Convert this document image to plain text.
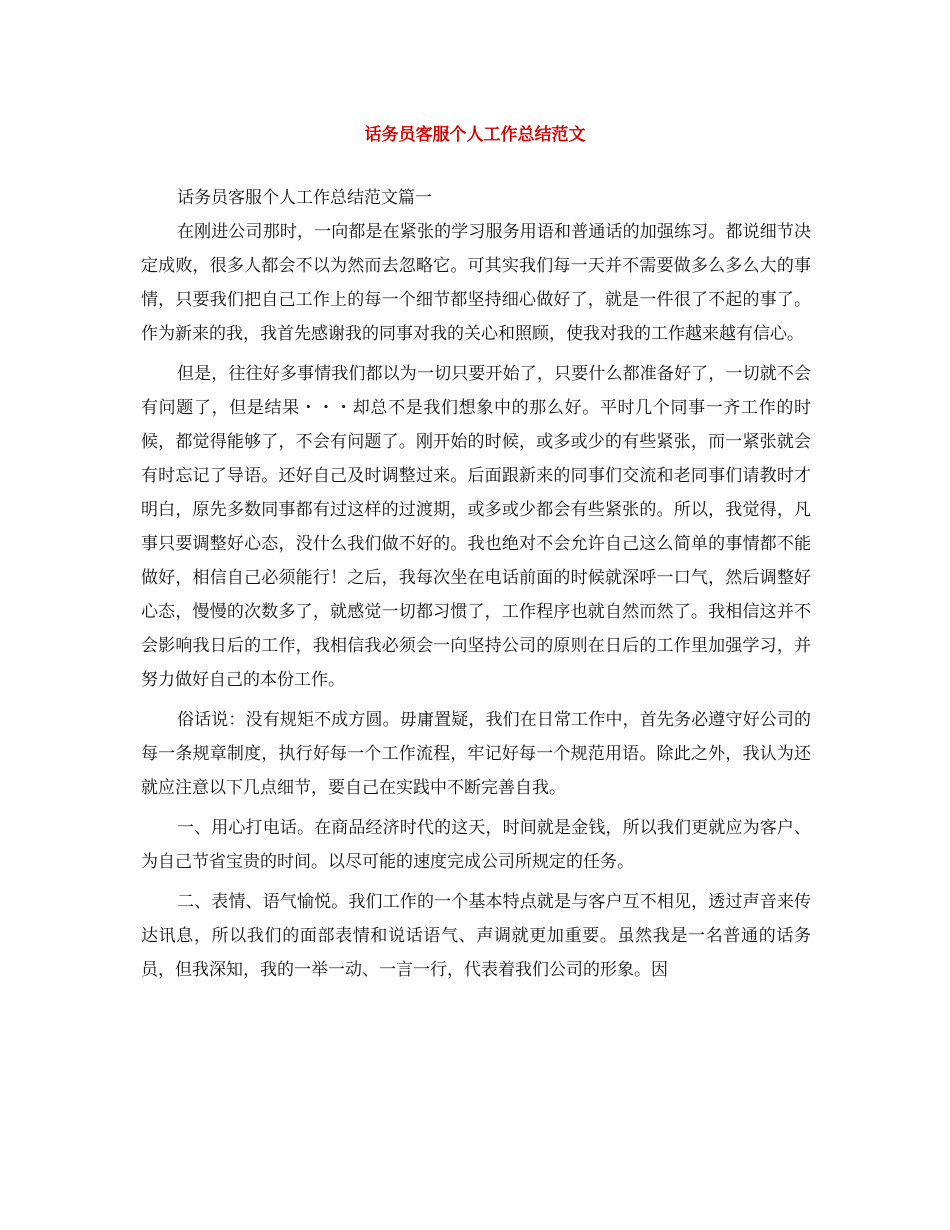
话务员客服个人工作总结范文

话务员客服个人工作总结范文篇一

在刚进公司那时，一向都是在紧张的学习服务用语和普通话的加强练习。都说细节决定成败，很多人都会不以为然而去忽略它。可其实我们每一天并不需要做多么多么大的事情，只要我们把自己工作上的每一个细节都坚持细心做好了，就是一件很了不起的事了。作为新来的我，我首先感谢我的同事对我的关心和照顾，使我对我的工作越来越有信心。

但是，往往好多事情我们都以为一切只要开始了，只要什么都准备好了，一切就不会有问题了，但是结果・・・却总不是我们想象中的那么好。平时几个同事一齐工作的时候，都觉得能够了，不会有问题了。刚开始的时候，或多或少的有些紧张，而一紧张就会有时忘记了导语。还好自己及时调整过来。后面跟新来的同事们交流和老同事们请教时才明白，原先多数同事都有过这样的过渡期，或多或少都会有些紧张的。所以，我觉得，凡事只要调整好心态，没什么我们做不好的。我也绝对不会允许自己这么简单的事情都不能做好，相信自己必须能行！之后，我每次坐在电话前面的时候就深呼一口气，然后调整好心态，慢慢的次数多了，就感觉一切都习惯了，工作程序也就自然而然了。我相信这并不会影响我日后的工作，我相信我必须会一向坚持公司的原则在日后的工作里加强学习，并努力做好自己的本份工作。

俗话说：没有规矩不成方圆。毋庸置疑，我们在日常工作中，首先务必遵守好公司的每一条规章制度，执行好每一个工作流程，牢记好每一个规范用语。除此之外，我认为还就应注意以下几点细节，要自己在实践中不断完善自我。

一、用心打电话。在商品经济时代的这天，时间就是金钱，所以我们更就应为客户、为自己节省宝贵的时间。以尽可能的速度完成公司所规定的任务。

二、表情、语气愉悦。我们工作的一个基本特点就是与客户互不相见，透过声音来传达讯息，所以我们的面部表情和说话语气、声调就更加重要。虽然我是一名普通的话务员，但我深知，我的一举一动、一言一行，代表着我们公司的形象。因
